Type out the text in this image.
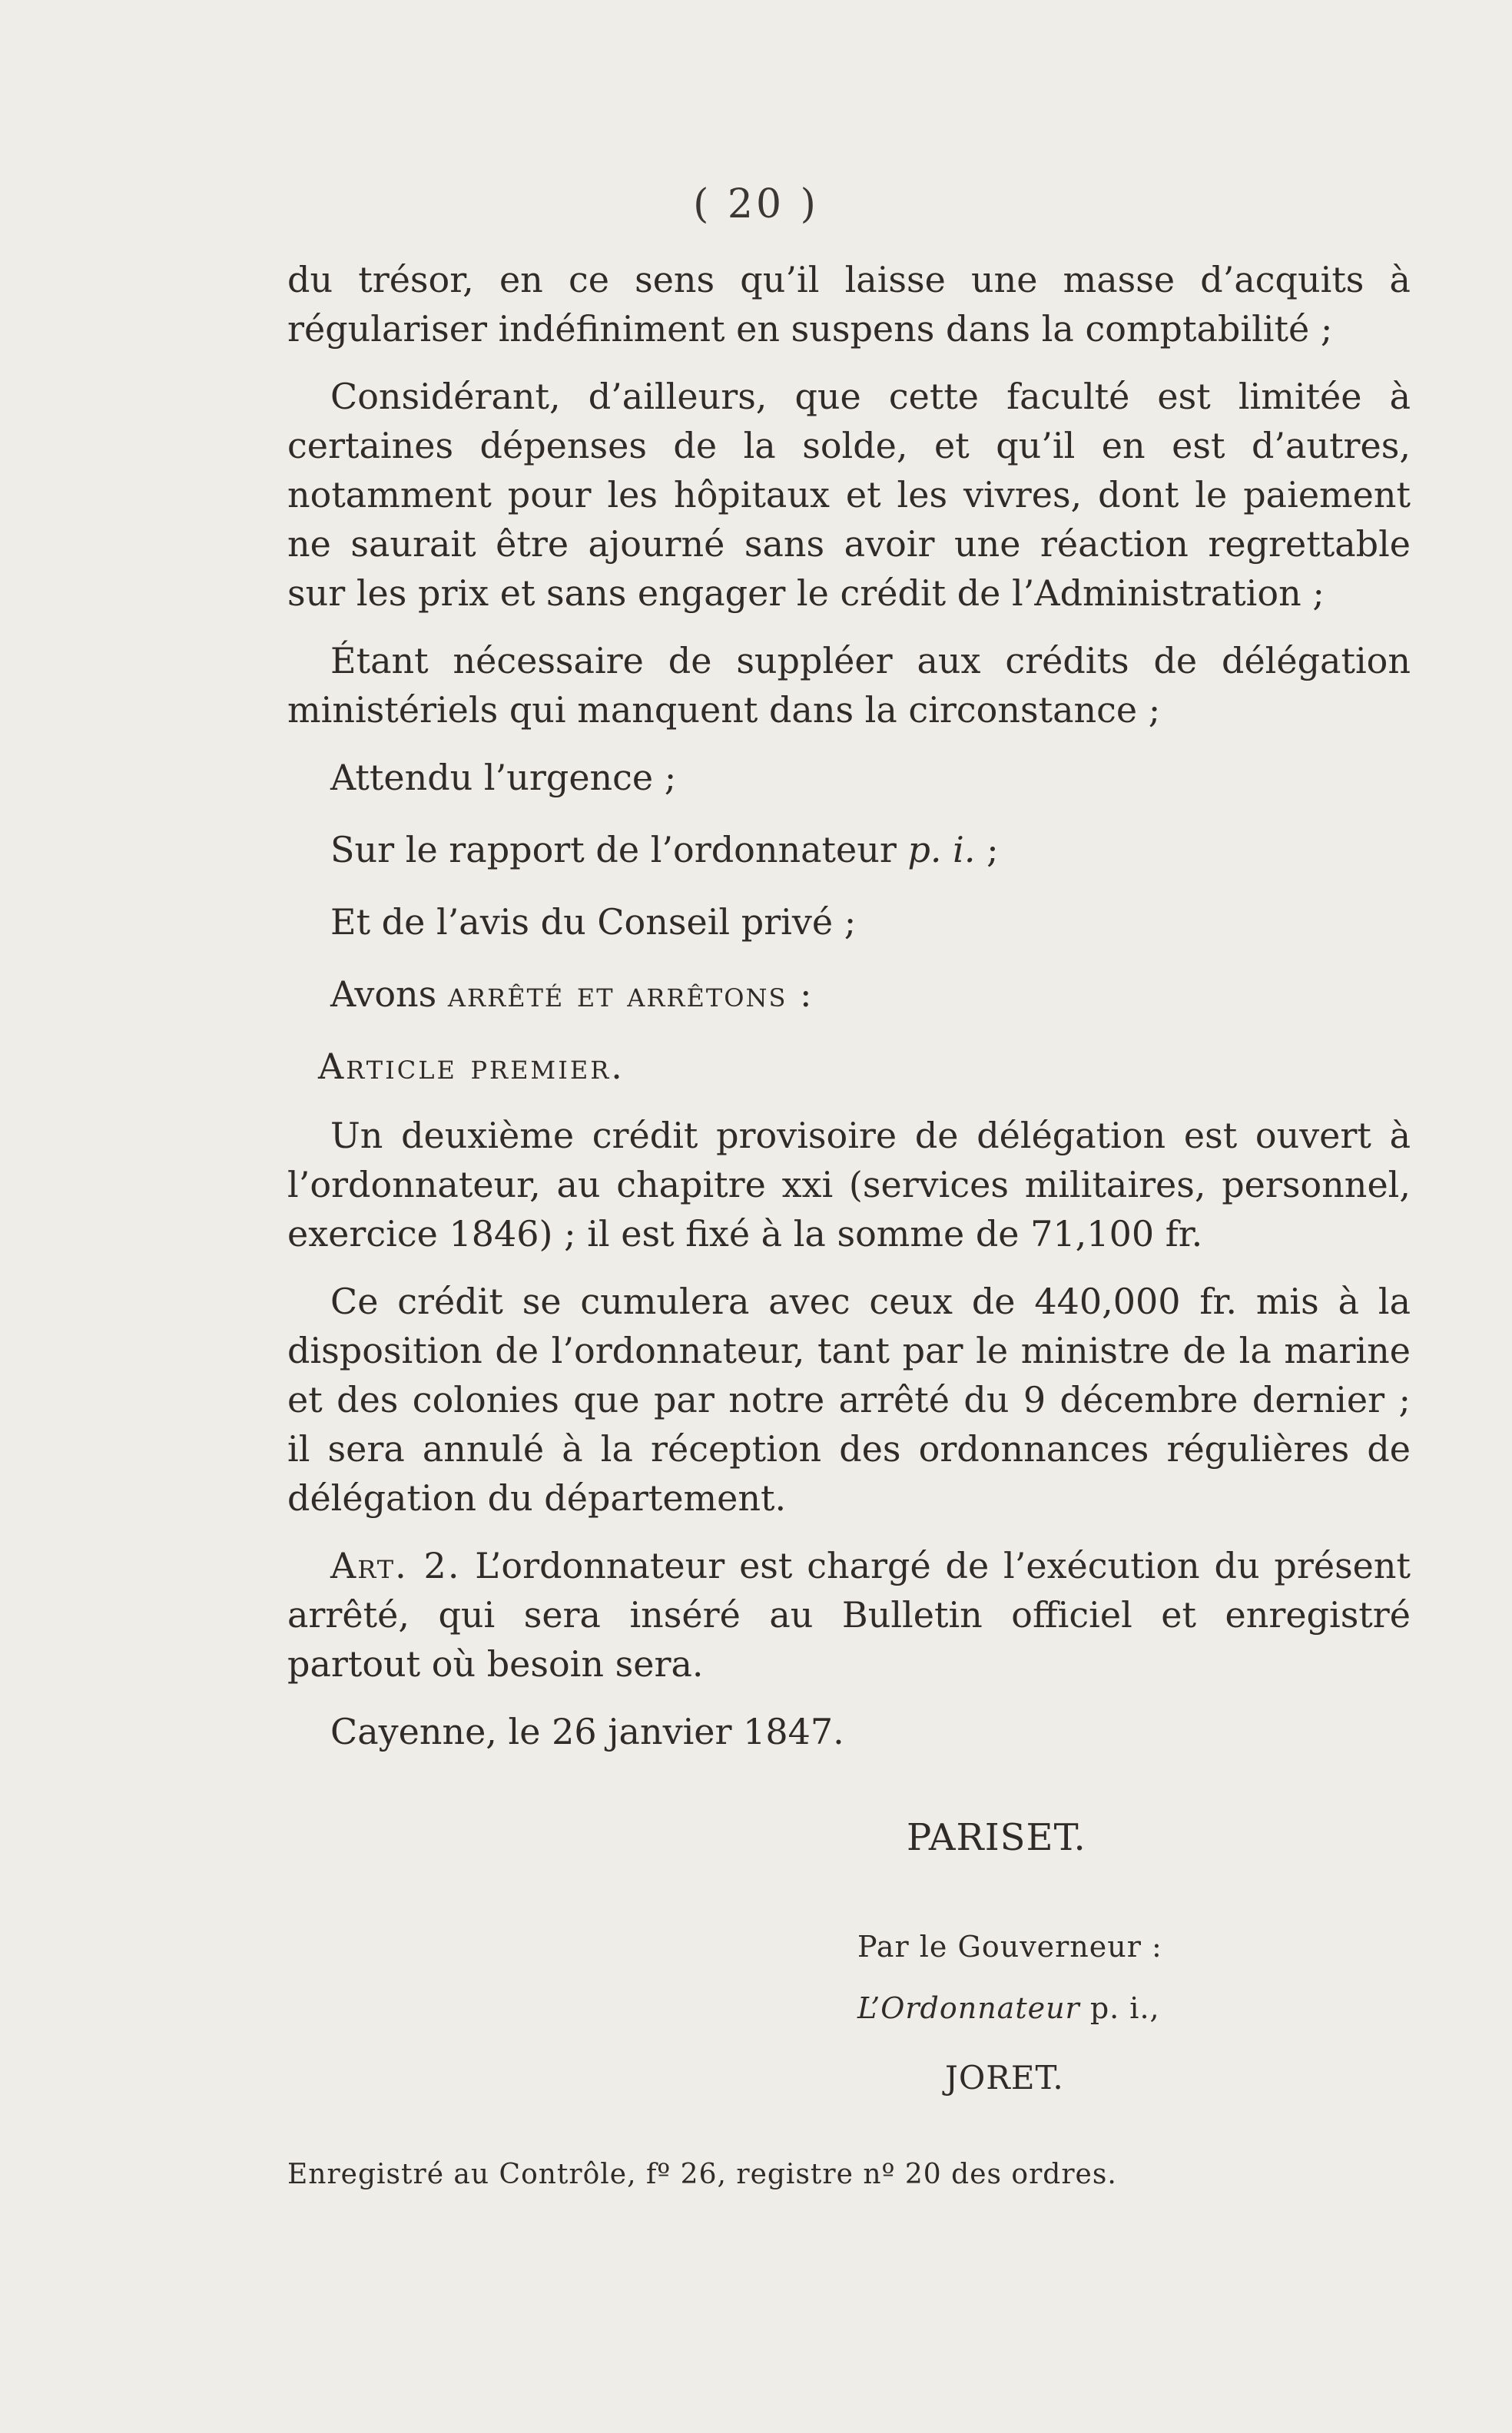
( 20 )

du trésor, en ce sens qu’il laisse une masse d’acquits à régulariser indéfiniment en suspens dans la comptabilité ;

Considérant, d’ailleurs, que cette faculté est limitée à certaines dépenses de la solde, et qu’il en est d’autres, notamment pour les hôpitaux et les vivres, dont le paiement ne saurait être ajourné sans avoir une réaction regrettable sur les prix et sans engager le crédit de l’Administration ;

Étant nécessaire de suppléer aux crédits de délégation ministériels qui manquent dans la circonstance ;

Attendu l’urgence ;

Sur le rapport de l’ordonnateur p. i. ;

Et de l’avis du Conseil privé ;

Avons arrêté et arrêtons :

Article premier.

Un deuxième crédit provisoire de délégation est ouvert à l’ordonnateur, au chapitre xxi (services militaires, personnel, exercice 1846) ; il est fixé à la somme de 71,100 fr.

Ce crédit se cumulera avec ceux de 440,000 fr. mis à la disposition de l’ordonnateur, tant par le ministre de la marine et des colonies que par notre arrêté du 9 décembre dernier ; il sera annulé à la réception des ordonnances régulières de délégation du département.

Art. 2. L’ordonnateur est chargé de l’exécution du présent arrêté, qui sera inséré au Bulletin officiel et enregistré partout où besoin sera.

Cayenne, le 26 janvier 1847.

PARISET.
Par le Gouverneur :
L’Ordonnateur p. i.,
JORET.
Enregistré au Contrôle, fº 26, registre nº 20 des ordres.
